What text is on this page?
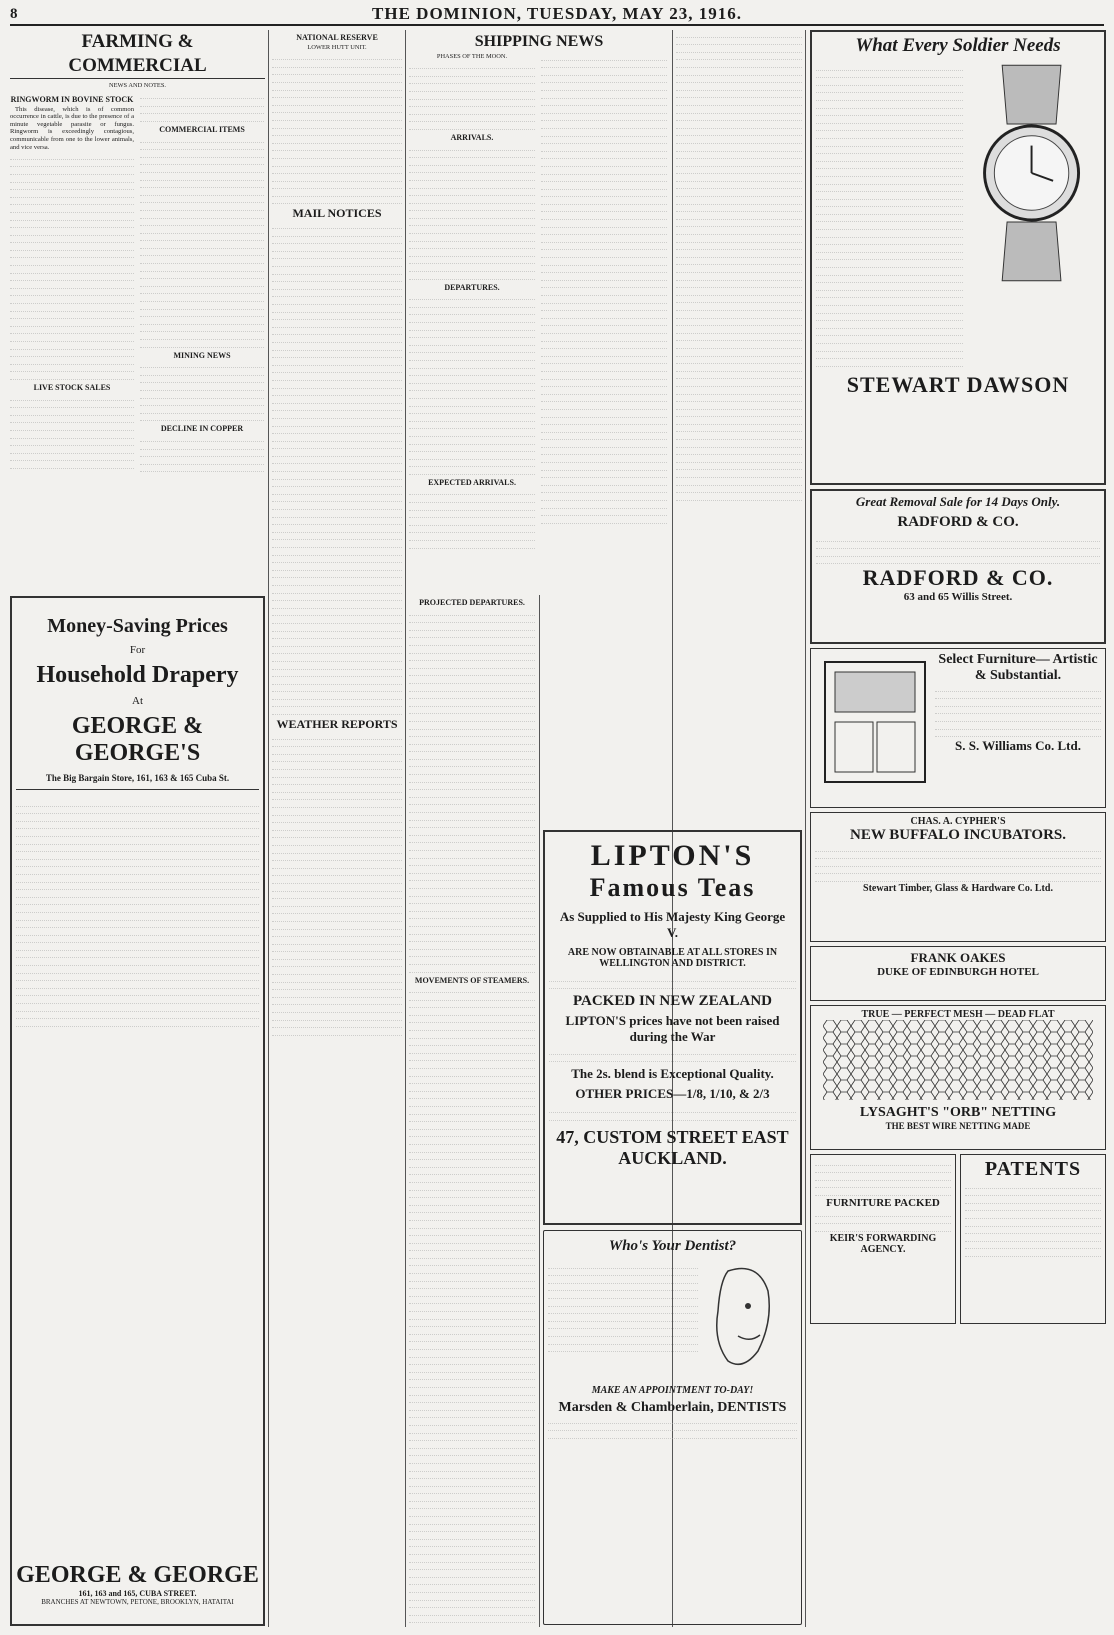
8	THE DOMINION, TUESDAY, MAY 23, 1916.
FARMING & COMMERCIAL
NEWS AND NOTES.
RINGWORM IN BOVINE STOCK

This disease, which is of common occurrence in cattle, is due to the presence of a minute vegetable parasite or fungus. Ringworm is exceedingly contagious, communicable from one to the lower animals, and vice versa.

LIVE STOCK SALES
COMMERCIAL ITEMS
MINING NEWS
DECLINE IN COPPER
Money-Saving Prices
For
Household Drapery
At
GEORGE & GEORGE'S
The Big Bargain Store, 161, 163 & 165 Cuba St.
GEORGE & GEORGE
161, 163 and 165, CUBA STREET.
BRANCHES AT NEWTOWN, PETONE, BROOKLYN, HATAITAI
NATIONAL RESERVE
LOWER HUTT UNIT.
MAIL NOTICES
WEATHER REPORTS
SHIPPING NEWS
PHASES OF THE MOON.
ARRIVALS.
DEPARTURES.
EXPECTED ARRIVALS.
PROJECTED DEPARTURES.
MOVEMENTS OF STEAMERS.
LIPTON'S
Famous Teas
As Supplied to His Majesty King George V.
ARE NOW OBTAINABLE AT ALL STORES IN WELLINGTON AND DISTRICT.
PACKED IN NEW ZEALAND
LIPTON'S prices have not been raised during the War
The 2s. blend is Exceptional Quality.
OTHER PRICES—1/8, 1/10, & 2/3
47, CUSTOM STREET EAST AUCKLAND.
Who's Your Dentist?
MAKE AN APPOINTMENT TO-DAY!
Marsden & Chamberlain, DENTISTS
What Every Soldier Needs
STEWART DAWSON
Great Removal Sale for 14 Days Only.
RADFORD & CO.
RADFORD & CO.
63 and 65 Willis Street.
Select Furniture— Artistic & Substantial.
S. S. Williams Co. Ltd.
CHAS. A. CYPHER'S
NEW BUFFALO INCUBATORS.
Stewart Timber, Glass & Hardware Co. Ltd.
FRANK OAKES
DUKE OF EDINBURGH HOTEL
TRUE — PERFECT MESH — DEAD FLAT
LYSAGHT'S "ORB" NETTING
THE BEST WIRE NETTING MADE
FURNITURE PACKED
KEIR'S FORWARDING AGENCY.
PATENTS
